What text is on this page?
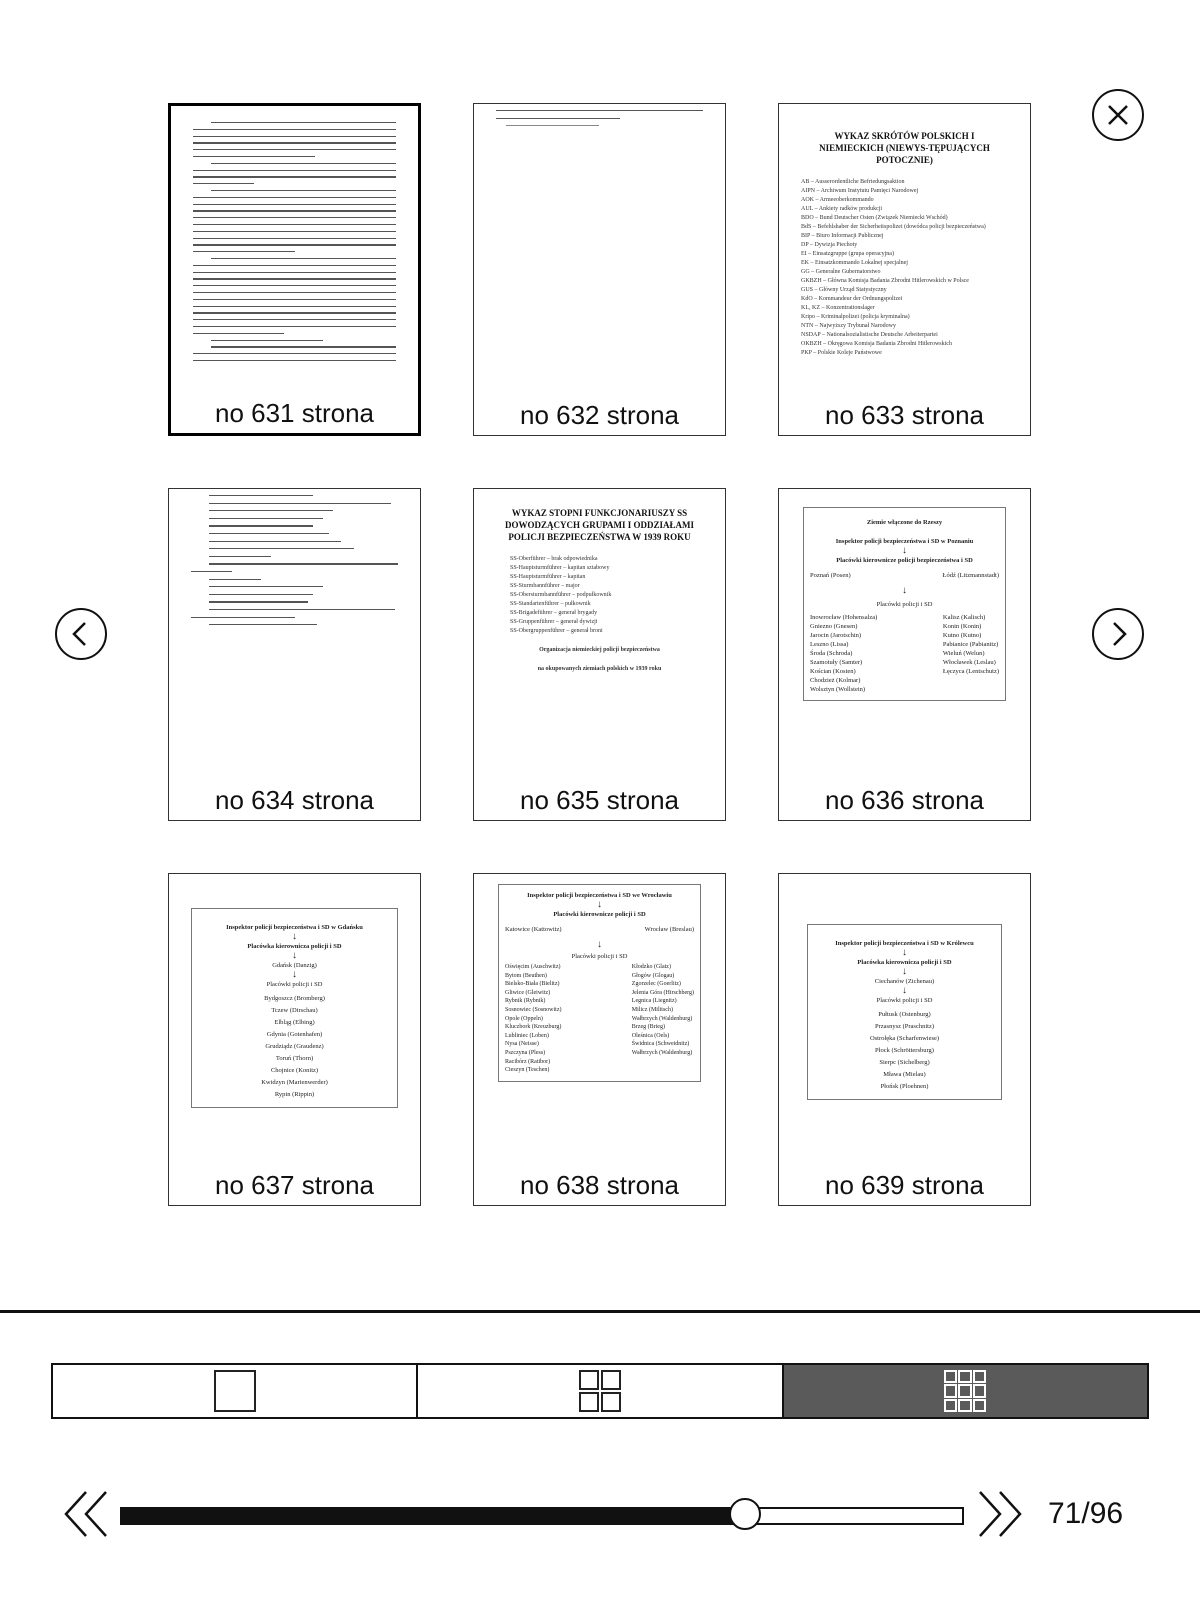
no 631 strona	no 632 strona
WYKAZ SKRÓTÓW POLSKICH I NIEMIECKICH (NIEWYS-TĘPUJĄCYCH POTOCZNIE)
AB – Ausserordentliche Befriedungsaktion
AIPN – Archiwum Instytutu Pamięci Narodowej
AOK – Armeeoberkommando
AUL – Ankiety radków produkcji
BDO – Bund Deutscher Osten (Związek Niemiecki Wschód)
BdS – Befehlshaber der Sicherheitspolizei (dowódca policji bezpieczeństwa)
BIP – Biuro Informacji Publicznej
DP – Dywizja Piechoty
EI – Einsatzgruppe (grupa operacyjna)
EK – Einsatzkommando Lokalnej specjalnej
GG – Generalne Gubernatorstwo
GKBZH – Główna Komisja Badania Zbrodni Hitlerowskich w Polsce
GUS – Główny Urząd Statystyczny
KdO – Kommandeur der Ordnungspolizei
KL, KZ – Konzentrationslager
Kripo – Kriminalpolizei (policja kryminalna)
NTN – Najwyższy Trybunał Narodowy
NSDAP – Nationalsozialistische Deutsche Arbeiterpartei
OKBZH – Okręgowa Komisja Badania Zbrodni Hitlerowskich
PKP – Polskie Koleje Państwowe
no 633 strona
no 634 strona
WYKAZ STOPNI FUNKCJONARIUSZY SS DOWODZĄCYCH GRUPAMI I ODDZIAŁAMI POLICJI BEZPIECZEŃSTWA W 1939 ROKU
SS-Oberführer – brak odpowiednika
SS-Hauptsturmführer – kapitan sztabowy
SS-Hauptsturmführer – kapitan
SS-Sturmbannführer – major
SS-Obersturmbannführer – podpułkownik
SS-Standartenführer – pułkownik
SS-Brigadeführer – generał brygady
SS-Gruppenführer – generał dywizji
SS-Obergruppenführer – generał broni
Organizacja niemieckiej policji bezpieczeństwa
na okupowanych ziemiach polskich w 1939 roku
no 635 strona
Ziemie włączone do Rzeszy
Inspektor policji bezpieczeństwa i SD w Poznaniu
↓
Placówki kierownicze policji bezpieczeństwa i SD
Poznań (Posen)	Łódź (Litzmannstadt)
↓
Placówki policji i SD
Inowrocław (Hohensalza)
Gniezno (Gnesen)
Jarocin (Jarotschin)
Leszno (Lissa)
Środa (Schroda)
Szamotuły (Samter)
Kościan (Kosten)
Chodzież (Kolmar)
Wolsztyn (Wollstein)
Kalisz (Kalisch)
Konin (Konin)
Kutno (Kutno)
Pabianice (Pabianitz)
Wieluń (Welun)
Włocławek (Leslau)
Łęczyca (Lentschutz)
no 636 strona
Inspektor policji bezpieczeństwa i SD w Gdańsku
↓
Placówka kierownicza policji i SD
↓
Gdańsk (Danzig)
↓
Placówki policji i SD
Bydgoszcz (Bromberg)
Tczew (Dirschau)
Elbląg (Elbing)
Gdynia (Gotenhafen)
Grudziądz (Graudenz)
Toruń (Thorn)
Chojnice (Konitz)
Kwidzyn (Marienwerder)
Rypin (Rippin)
no 637 strona
Inspektor policji bezpieczeństwa i SD we Wrocławiu
↓
Placówki kierownicze policji i SD
Katowice (Kattowitz)	Wrocław (Breslau)
↓
Placówki policji i SD
Oświęcim (Auschwitz)
Bytom (Beuthen)
Bielsko-Biała (Bielitz)
Gliwice (Gleiwitz)
Rybnik (Rybnik)
Sosnowiec (Sosnowitz)
Opole (Oppeln)
Kluczbork (Kreuzburg)
Lubliniec (Loben)
Nysa (Neisse)
Pszczyna (Pless)
Racibórz (Ratibor)
Cieszyn (Teschen)
Kłodzko (Glatz)
Głogów (Glogau)
Zgorzelec (Goerlitz)
Jelenia Góra (Hirschberg)
Legnica (Liegnitz)
Milicz (Militsch)
Wałbrzych (Waldenburg)
Brzeg (Brieg)
Oleśnica (Oels)
Świdnica (Schweidnitz)
Wałbrzych (Waldenburg)
no 638 strona
Inspektor policji bezpieczeństwa i SD w Królewcu
↓
Placówka kierownicza policji i SD
↓
Ciechanów (Zichenau)
↓
Placówki policji i SD
Pułtusk (Ostenburg)
Przasnysz (Praschnitz)
Ostrołęka (Scharfenwiese)
Płock (Schröttersburg)
Sierpc (Sichelberg)
Mława (Mielau)
Płońsk (Ploehnen)
no 639 strona
71/96
